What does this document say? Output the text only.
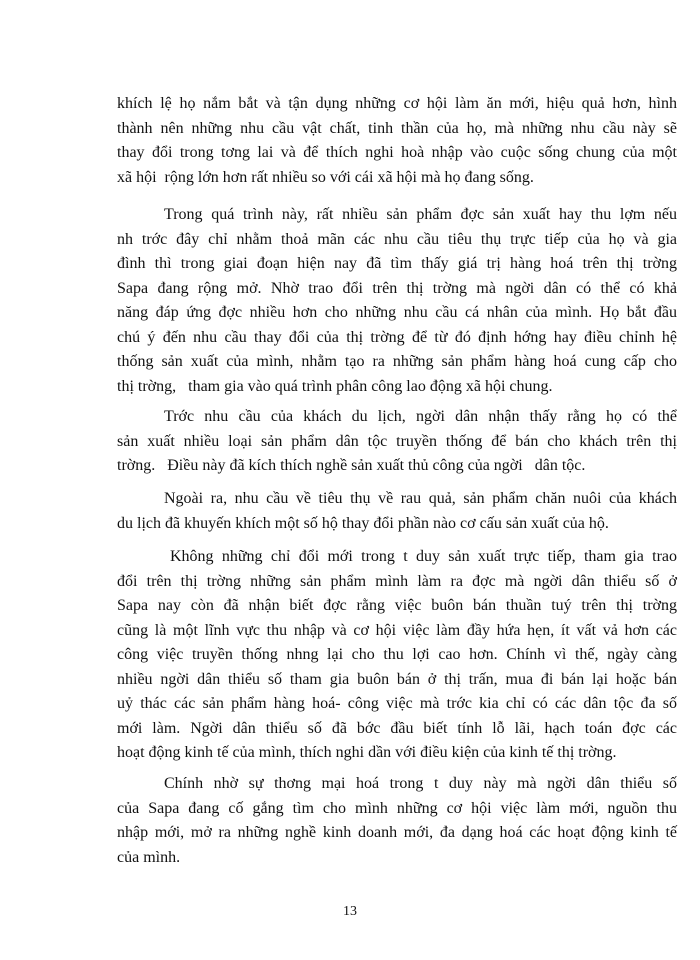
khích lệ họ nắm bắt và tận dụng những cơ hội làm ăn mới, hiệu quả hơn, hình
thành nên những nhu cầu vật chất, tinh thần của họ, mà những nhu cầu này sẽ
thay đổi trong tơng lai và để thích nghi hoà nhập vào cuộc sống chung của một
xã hội  rộng lớn hơn rất nhiều so với cái xã hội mà họ đang sống.
Trong quá trình này, rất nhiều sản phẩm đợc sản xuất hay thu lợm nếu
nh trớc đây chỉ nhằm thoả mãn các nhu cầu tiêu thụ trực tiếp của họ và gia
đình thì trong giai đoạn hiện nay đã tìm thấy giá trị hàng hoá trên thị trờng
Sapa đang rộng mở. Nhờ trao đổi trên thị trờng mà ngời dân có thể có khả
năng đáp ứng đợc nhiều hơn cho những nhu cầu cá nhân của mình. Họ bắt đầu
chú ý đến nhu cầu thay đổi của thị trờng để từ đó định hớng hay điều chỉnh hệ
thống sản xuất của mình, nhằm tạo ra những sản phẩm hàng hoá cung cấp cho
thị trờng,   tham gia vào quá trình phân công lao động xã hội chung.
Trớc nhu cầu của khách du lịch, ngời dân nhận thấy rằng họ có thể
sản xuất nhiều loại sản phẩm dân tộc truyền thống để bán cho khách trên thị
trờng.   Điều này đã kích thích nghề sản xuất thủ công của ngời   dân tộc.
Ngoài ra, nhu cầu về tiêu thụ về rau quả, sản phẩm chăn nuôi của khách
du lịch đã khuyến khích một số hộ thay đổi phần nào cơ cấu sản xuất của hộ.
Không những chỉ đổi mới trong t duy sản xuất trực tiếp, tham gia trao
đổi trên thị trờng những sản phẩm mình làm ra đợc mà ngời dân thiểu số ở
Sapa nay còn đã nhận biết đợc rằng việc buôn bán thuần tuý trên thị trờng
cũng là một lĩnh vực thu nhập và cơ hội việc làm đầy hứa hẹn, ít vất vả hơn các
công việc truyền thống nhng lại cho thu lợi cao hơn. Chính vì thế, ngày càng
nhiều ngời dân thiểu số tham gia buôn bán ở thị trấn, mua đi bán lại hoặc bán
uỷ thác các sản phẩm hàng hoá- công việc mà trớc kia chỉ có các dân tộc đa số
mới làm. Ngời dân thiểu số đã bớc đầu biết tính lỗ lãi, hạch toán đợc các
hoạt động kinh tế của mình, thích nghi dần với điều kiện của kinh tế thị trờng.
Chính nhờ sự thơng mại hoá trong t duy này mà ngời dân thiểu số
của Sapa đang cố gắng tìm cho mình những cơ hội việc làm mới, nguồn thu
nhập mới, mở ra những nghề kinh doanh mới, đa dạng hoá các hoạt động kinh tế
của mình.
13
